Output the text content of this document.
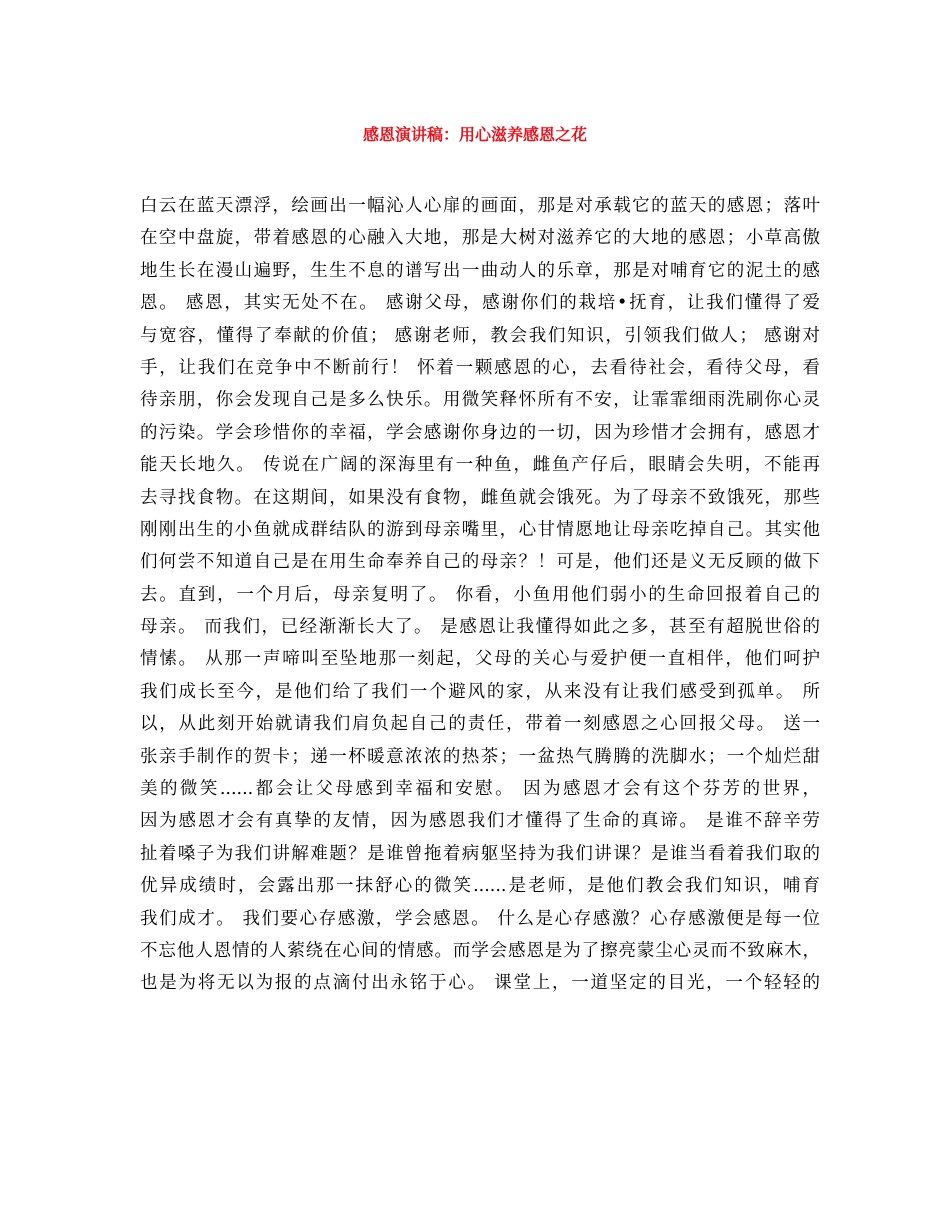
感恩演讲稿：用心滋养感恩之花
白云在蓝天漂浮，绘画出一幅沁人心扉的画面，那是对承载它的蓝天的感恩；落叶
在空中盘旋，带着感恩的心融入大地，那是大树对滋养它的大地的感恩；小草高傲
地生长在漫山遍野，生生不息的谱写出一曲动人的乐章，那是对哺育它的泥土的感
恩。 感恩，其实无处不在。 感谢父母，感谢你们的栽培•抚育，让我们懂得了爱
与宽容，懂得了奉献的价值； 感谢老师，教会我们知识，引领我们做人； 感谢对
手，让我们在竞争中不断前行！ 怀着一颗感恩的心，去看待社会，看待父母，看
待亲朋，你会发现自己是多么快乐。用微笑释怀所有不安，让霏霏细雨洗刷你心灵
的污染。学会珍惜你的幸福，学会感谢你身边的一切，因为珍惜才会拥有，感恩才
能天长地久。 传说在广阔的深海里有一种鱼，雌鱼产仔后，眼睛会失明，不能再
去寻找食物。在这期间，如果没有食物，雌鱼就会饿死。为了母亲不致饿死，那些
刚刚出生的小鱼就成群结队的游到母亲嘴里，心甘情愿地让母亲吃掉自己。其实他
们何尝不知道自己是在用生命奉养自己的母亲？！可是，他们还是义无反顾的做下
去。直到，一个月后，母亲复明了。 你看，小鱼用他们弱小的生命回报着自己的
母亲。 而我们，已经渐渐长大了。 是感恩让我懂得如此之多，甚至有超脱世俗的
情愫。 从那一声啼叫至坠地那一刻起，父母的关心与爱护便一直相伴，他们呵护
我们成长至今，是他们给了我们一个避风的家，从来没有让我们感受到孤单。 所
以，从此刻开始就请我们肩负起自己的责任，带着一刻感恩之心回报父母。 送一
张亲手制作的贺卡；递一杯暖意浓浓的热茶；一盆热气腾腾的洗脚水；一个灿烂甜
美的微笑......都会让父母感到幸福和安慰。 因为感恩才会有这个芬芳的世界，
因为感恩才会有真挚的友情，因为感恩我们才懂得了生命的真谛。 是谁不辞辛劳
扯着嗓子为我们讲解难题？是谁曾拖着病躯坚持为我们讲课？是谁当看着我们取的
优异成绩时，会露出那一抹舒心的微笑......是老师，是他们教会我们知识，哺育
我们成才。 我们要心存感激，学会感恩。 什么是心存感激？心存感激便是每一位
不忘他人恩情的人萦绕在心间的情感。而学会感恩是为了擦亮蒙尘心灵而不致麻木，
也是为将无以为报的点滴付出永铭于心。 课堂上，一道坚定的目光，一个轻轻的
